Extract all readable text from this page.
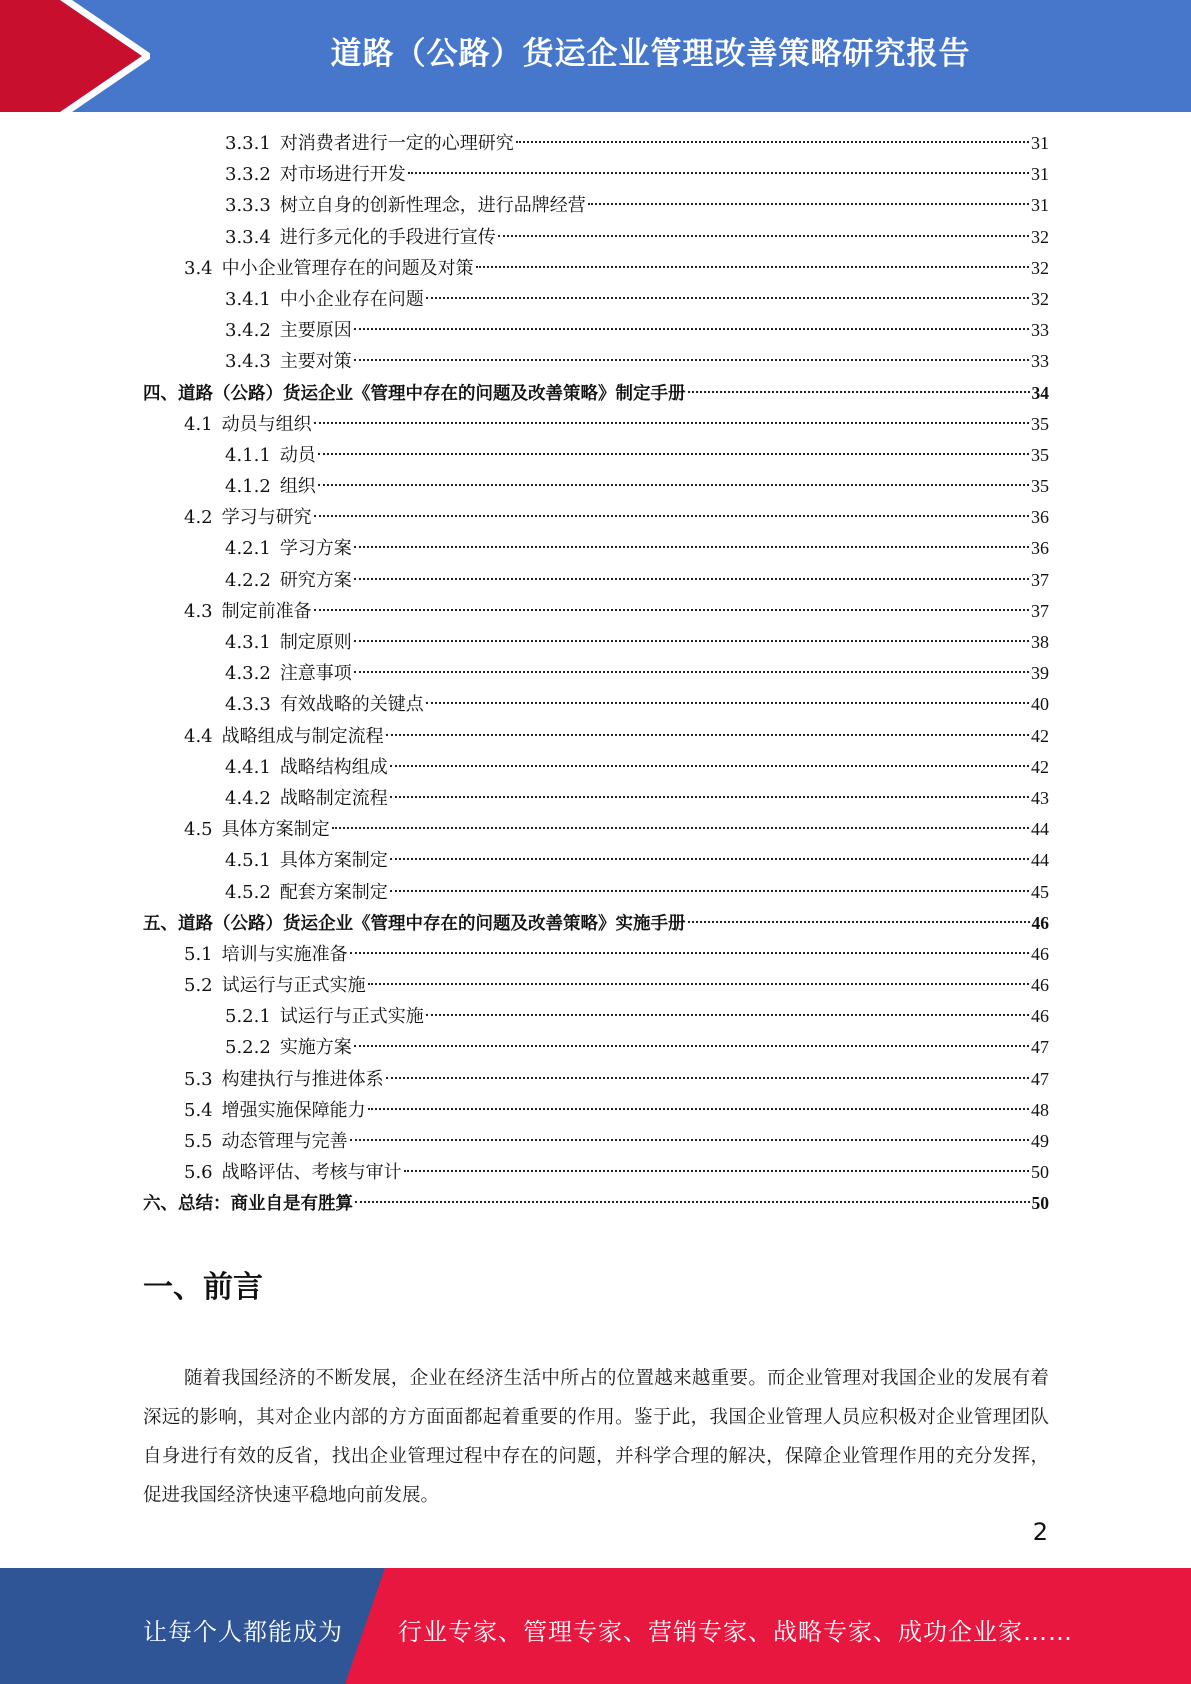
道路（公路）货运企业管理改善策略研究报告
3.3.1 对消费者进行一定的心理研究	31
3.3.2 对市场进行开发	31
3.3.3 树立自身的创新性理念，进行品牌经营	31
3.3.4 进行多元化的手段进行宣传	32
3.4 中小企业管理存在的问题及对策	32
3.4.1 中小企业存在问题	32
3.4.2 主要原因	33
3.4.3 主要对策	33
四、道路（公路）货运企业《管理中存在的问题及改善策略》制定手册	34
4.1 动员与组织	35
4.1.1 动员	35
4.1.2 组织	35
4.2 学习与研究	36
4.2.1 学习方案	36
4.2.2 研究方案	37
4.3 制定前准备	37
4.3.1 制定原则	38
4.3.2 注意事项	39
4.3.3 有效战略的关键点	40
4.4 战略组成与制定流程	42
4.4.1 战略结构组成	42
4.4.2 战略制定流程	43
4.5 具体方案制定	44
4.5.1 具体方案制定	44
4.5.2 配套方案制定	45
五、道路（公路）货运企业《管理中存在的问题及改善策略》实施手册	46
5.1 培训与实施准备	46
5.2 试运行与正式实施	46
5.2.1 试运行与正式实施	46
5.2.2 实施方案	47
5.3 构建执行与推进体系	47
5.4 增强实施保障能力	48
5.5 动态管理与完善	49
5.6 战略评估、考核与审计	50
六、总结：商业自是有胜算	50
一、前言
随着我国经济的不断发展，企业在经济生活中所占的位置越来越重要。而企业管理对我国企业的发展有着深远的影响，其对企业内部的方方面面都起着重要的作用。鉴于此，我国企业管理人员应积极对企业管理团队自身进行有效的反省，找出企业管理过程中存在的问题，并科学合理的解决，保障企业管理作用的充分发挥，促进我国经济快速平稳地向前发展。
2
让每个人都能成为 行业专家、管理专家、营销专家、战略专家、成功企业家……
